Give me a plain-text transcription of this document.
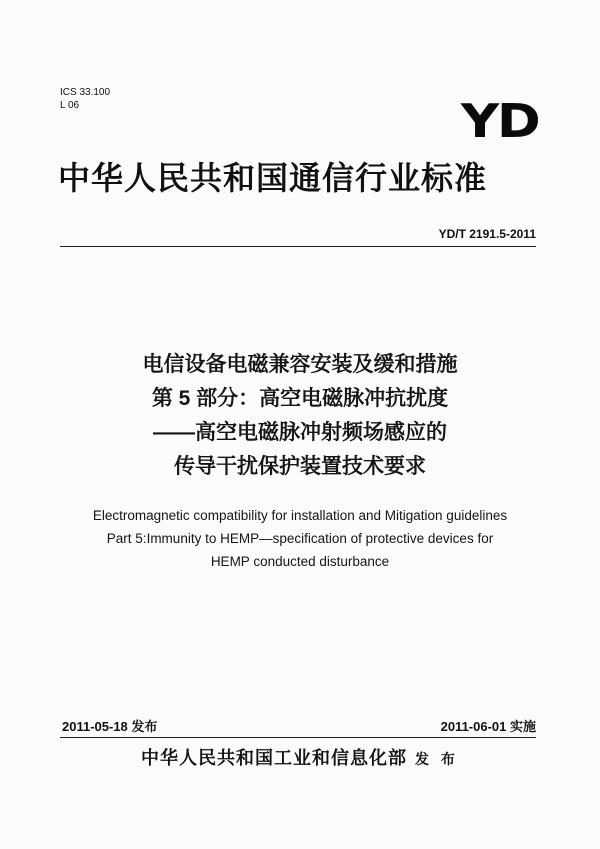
ICS 33.100
L 06	YD
中华人民共和国通信行业标准
YD/T 2191.5-2011
电信设备电磁兼容安装及缓和措施
第 5 部分：高空电磁脉冲抗扰度
——高空电磁脉冲射频场感应的
传导干扰保护装置技术要求
Electromagnetic compatibility for installation and Mitigation guidelines
Part 5:Immunity to HEMP—specification of protective devices for
HEMP conducted disturbance
2011-05-18 发布	2011-06-01 实施
中华人民共和国工业和信息化部 发 布
